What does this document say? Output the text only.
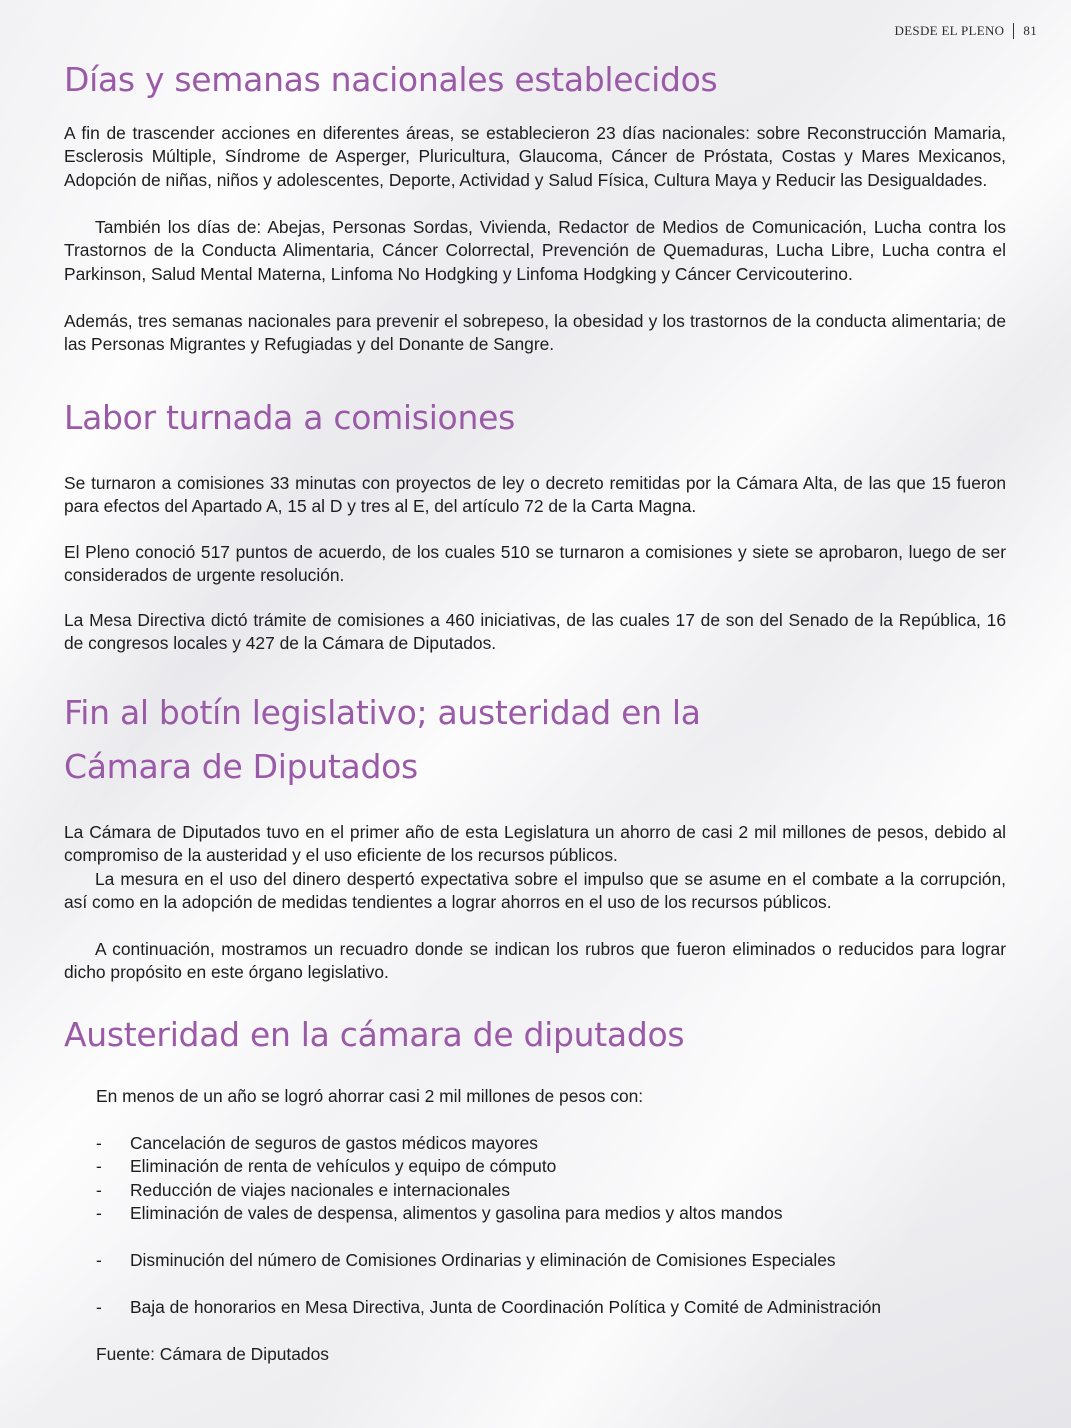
DESDE EL PLENO 81
Días y semanas nacionales establecidos

A fin de trascender acciones en diferentes áreas, se establecieron 23 días nacionales: sobre Reconstrucción Mamaria, Esclerosis Múltiple, Síndrome de Asperger, Pluricultura, Glaucoma, Cáncer de Próstata, Costas y Mares Mexicanos, Adopción de niñas, niños y adolescentes, Deporte, Actividad y Salud Física, Cultura Maya y Reducir las Desigualdades.

También los días de: Abejas, Personas Sordas, Vivienda, Redactor de Medios de Comunicación, Lucha contra los Trastornos de la Conducta Alimentaria, Cáncer Colorrectal, Prevención de Quemaduras, Lucha Libre, Lucha contra el Parkinson, Salud Mental Materna, Linfoma No Hodgking y Linfoma Hodgking y Cáncer Cervicouterino.

Además, tres semanas nacionales para prevenir el sobrepeso, la obesidad y los trastornos de la conducta alimentaria; de las Personas Migrantes y Refugiadas y del Donante de Sangre.

Labor turnada a comisiones

Se turnaron a comisiones 33 minutas con proyectos de ley o decreto remitidas por la Cámara Alta, de las que 15 fueron para efectos del Apartado A, 15 al D y tres al E, del artículo 72 de la Carta Magna.

El Pleno conoció 517 puntos de acuerdo, de los cuales 510 se turnaron a comisiones y siete se aprobaron, luego de ser considerados de urgente resolución.

La Mesa Directiva dictó trámite de comisiones a 460 iniciativas, de las cuales 17 de son del Senado de la República, 16 de congresos locales y 427 de la Cámara de Diputados.

Fin al botín legislativo; austeridad en la
Cámara de Diputados

La Cámara de Diputados tuvo en el primer año de esta Legislatura un ahorro de casi 2 mil millones de pesos, debido al compromiso de la austeridad y el uso eficiente de los recursos públicos.

La mesura en el uso del dinero despertó expectativa sobre el impulso que se asume en el combate a la corrupción, así como en la adopción de medidas tendientes a lograr ahorros en el uso de los recursos públicos.

A continuación, mostramos un recuadro donde se indican los rubros que fueron eliminados o reducidos para lograr dicho propósito en este órgano legislativo.

Austeridad en la cámara de diputados
En menos de un año se logró ahorrar casi 2 mil millones de pesos con:
- Cancelación de seguros de gastos médicos mayores
- Eliminación de renta de vehículos y equipo de cómputo
- Reducción de viajes nacionales e internacionales
- Eliminación de vales de despensa, alimentos y gasolina para medios y altos mandos
- Disminución del número de Comisiones Ordinarias y eliminación de Comisiones Especiales
- Baja de honorarios en Mesa Directiva, Junta de Coordinación Política y Comité de Administración
Fuente: Cámara de Diputados
